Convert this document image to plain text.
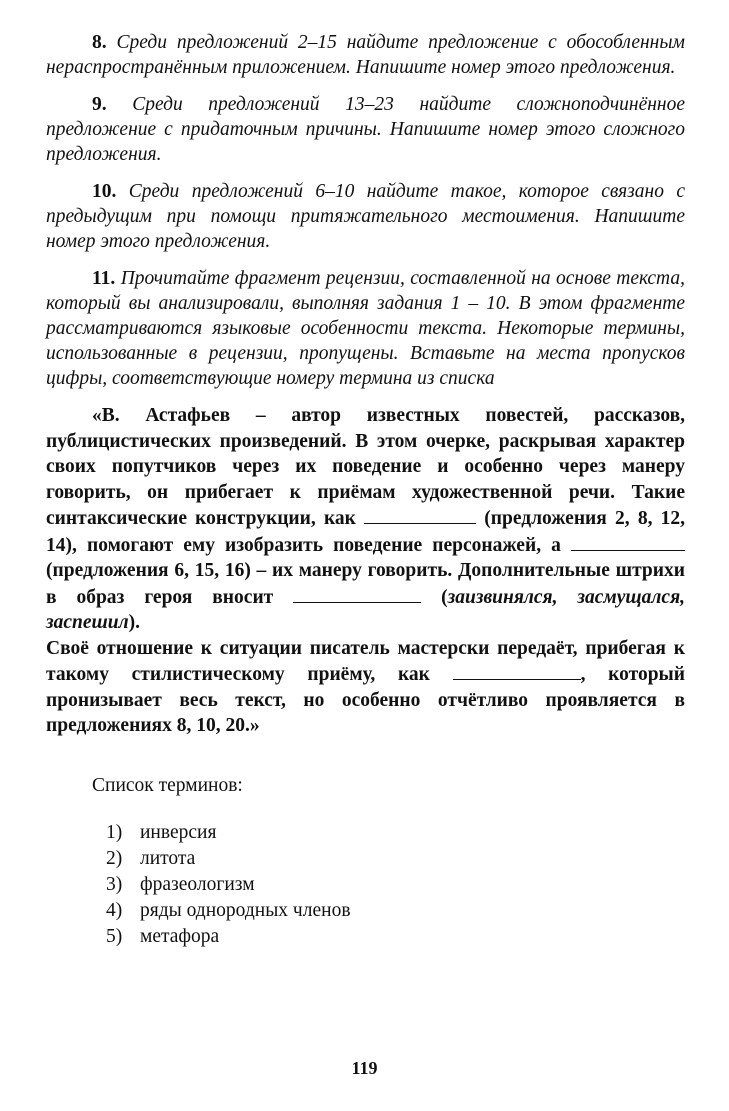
8. Среди предложений 2–15 найдите предложение с обособленным нераспространённым приложением. Напишите номер этого предложения.

9. Среди предложений 13–23 найдите сложноподчинённое предложение с придаточным причины. Напишите номер этого сложного предложения.

10. Среди предложений 6–10 найдите такое, которое связано с предыдущим при помощи притяжательного местоимения. Напишите номер этого предложения.

11. Прочитайте фрагмент рецензии, составленной на основе текста, который вы анализировали, выполняя задания 1 – 10. В этом фрагменте рассматриваются языковые особенности текста. Некоторые термины, использованные в рецензии, пропущены. Вставьте на места пропусков цифры, соответствующие номеру термина из списка

«В. Астафьев – автор известных повестей, рассказов, публицистических произведений. В этом очерке, раскрывая характер своих попутчиков через их поведение и особенно через манеру говорить, он прибегает к приёмам художественной речи. Такие синтаксические конструкции, как	(предложения 2, 8, 12, 14), помогают ему изобразить поведение персонажей, а  (предложения 6, 15, 16) – их манеру говорить. Дополнительные штрихи в образ героя вносит	(заизвинялся, засмущался, заспешил).

Своё отношение к ситуации писатель мастерски передаёт, прибегая к такому стилистическому приёму, как	, который пронизывает весь текст, но особенно отчётливо проявляется в предложениях 8, 10, 20.»

Список терминов:
1) инверсия
2) литота
3) фразеологизм
4) ряды однородных членов
5) метафора
119
